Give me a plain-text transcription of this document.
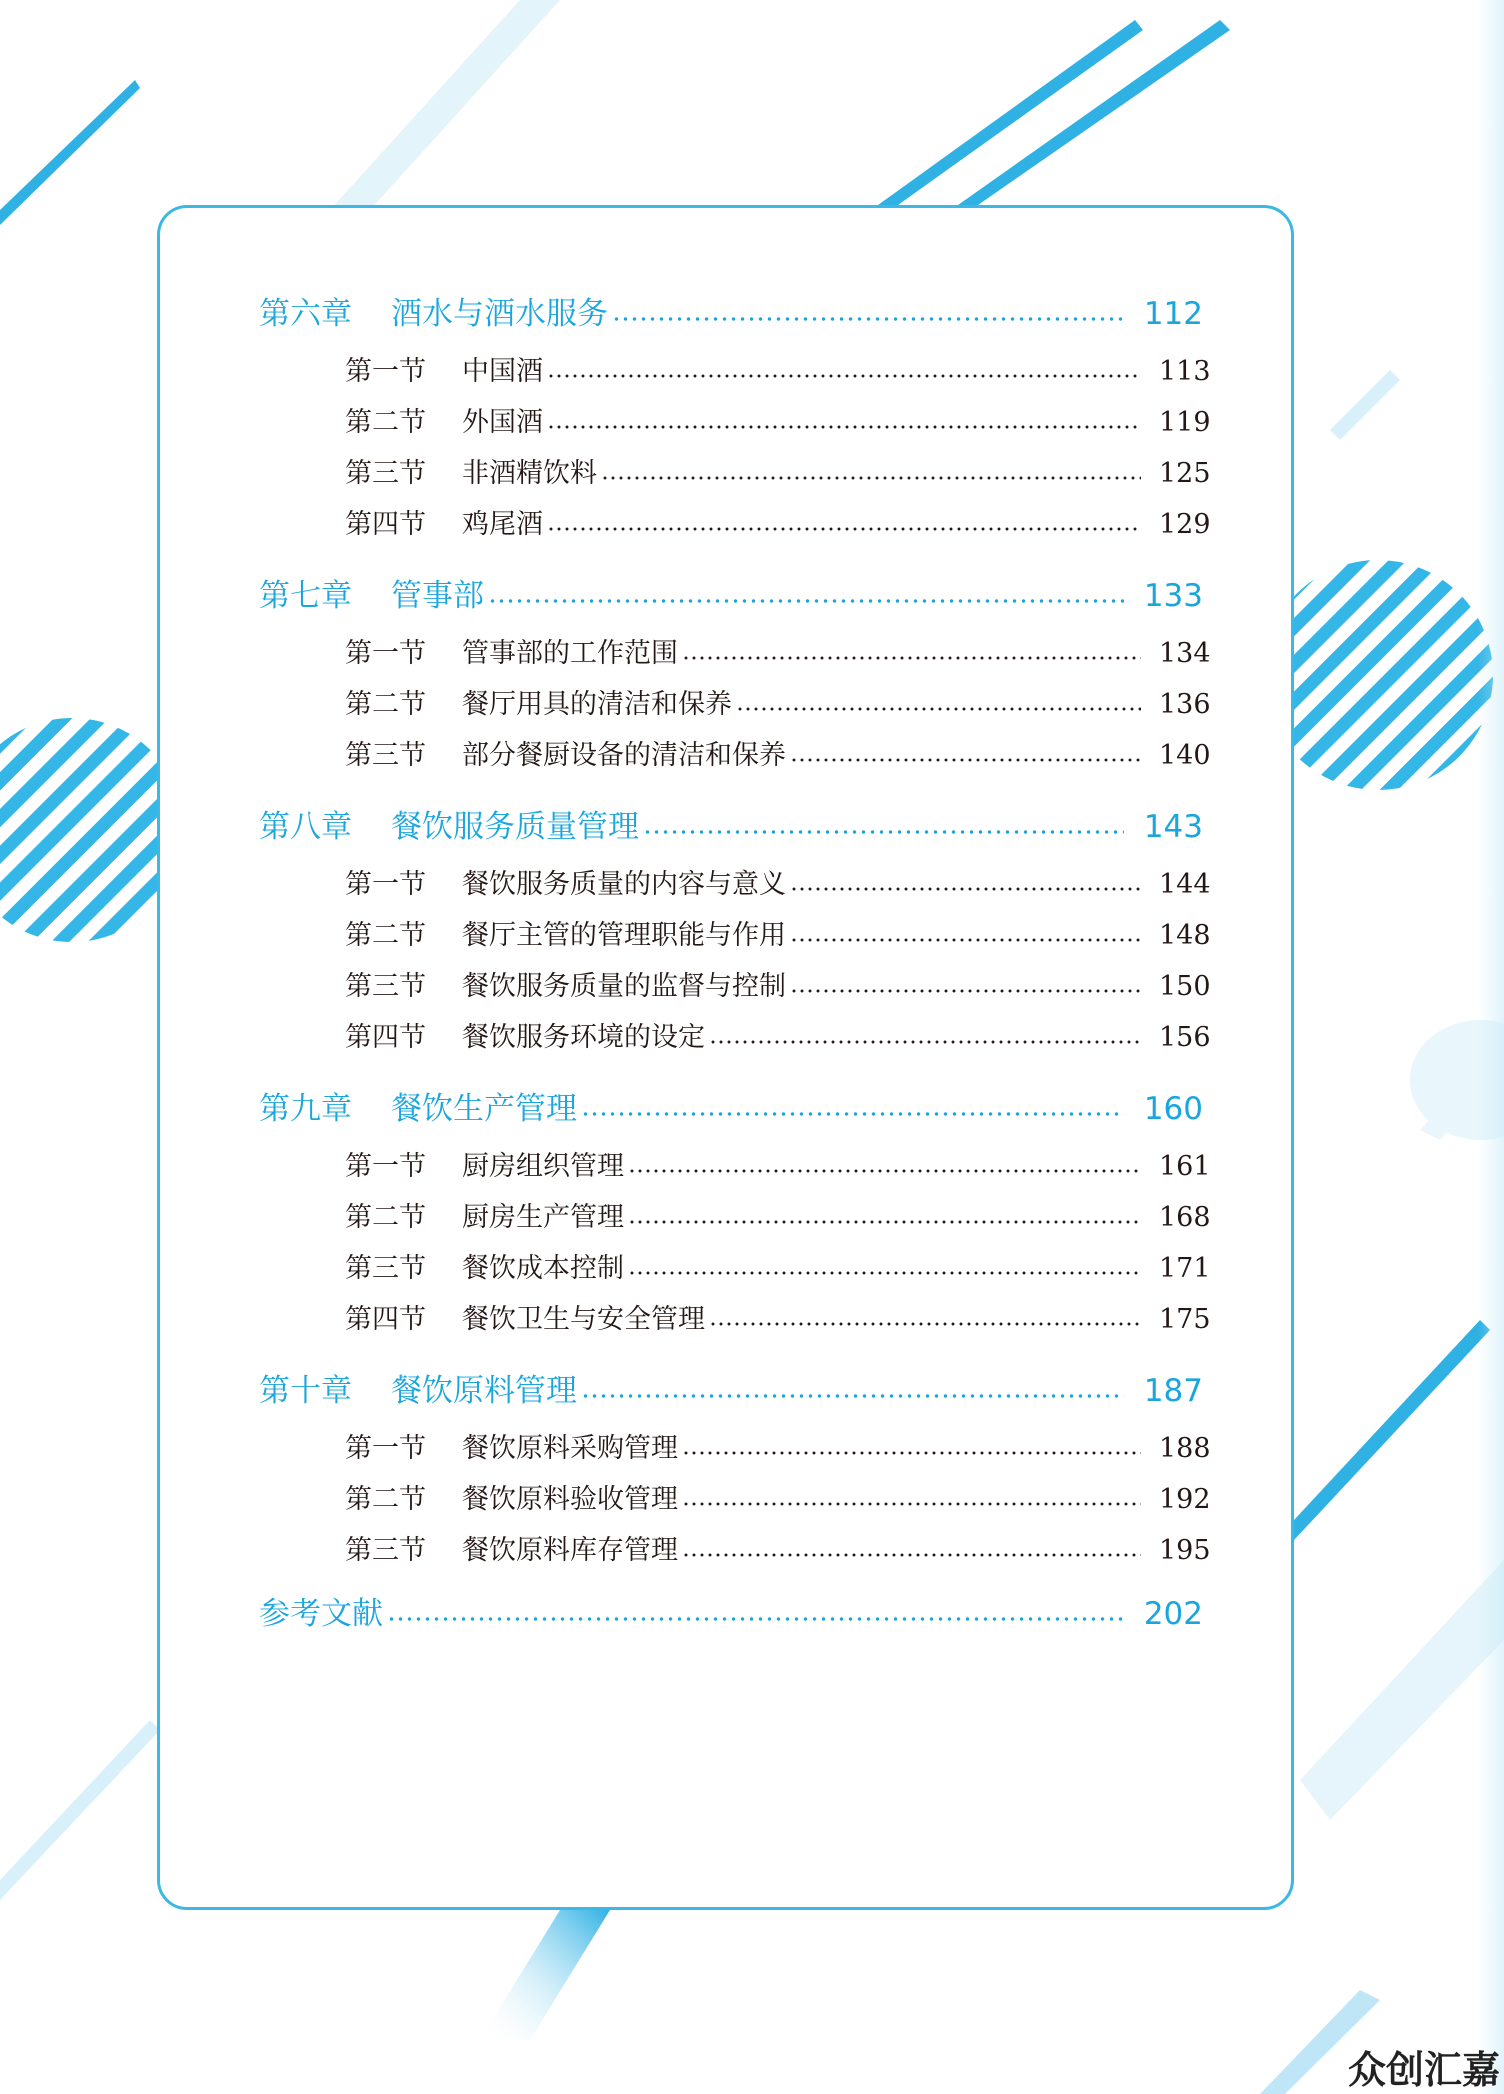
第六章	酒水与酒水服务	112
第一节	中国酒	113
第二节	外国酒	119
第三节	非酒精饮料	125
第四节	鸡尾酒	129
第七章	管事部	133
第一节	管事部的工作范围	134
第二节	餐厅用具的清洁和保养	136
第三节	部分餐厨设备的清洁和保养	140
第八章	餐饮服务质量管理	143
第一节	餐饮服务质量的内容与意义	144
第二节	餐厅主管的管理职能与作用	148
第三节	餐饮服务质量的监督与控制	150
第四节	餐饮服务环境的设定	156
第九章	餐饮生产管理	160
第一节	厨房组织管理	161
第二节	厨房生产管理	168
第三节	餐饮成本控制	171
第四节	餐饮卫生与安全管理	175
第十章	餐饮原料管理	187
第一节	餐饮原料采购管理	188
第二节	餐饮原料验收管理	192
第三节	餐饮原料库存管理	195
参考文献	202
众创汇嘉
